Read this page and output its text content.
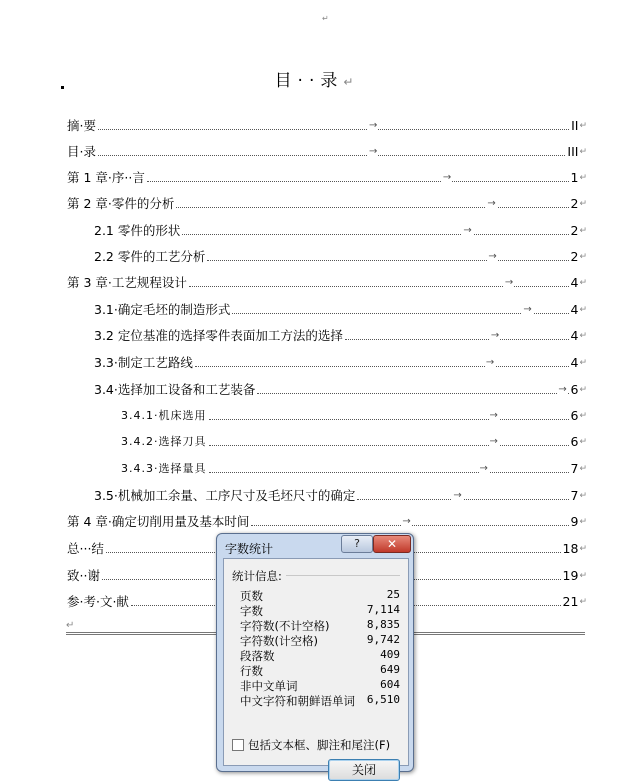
↵
目··录↵
摘·要	→	II ↵
目·录	→	III ↵
第 1 章·序··言	→	1 ↵
第 2 章·零件的分析	→	2 ↵
2.1 零件的形状	→	2 ↵
2.2 零件的工艺分析	→	2 ↵
第 3 章·工艺规程设计	→	4 ↵
3.1·确定毛坯的制造形式	→	4 ↵
3.2 定位基准的选择零件表面加工方法的选择	→	4 ↵
3.3·制定工艺路线	→	4 ↵
3.4·选择加工设备和工艺装备	→ 6 ↵
3.4.1·机床选用	→	6 ↵
3.4.2·选择刀具	→	6 ↵
3.4.3·选择量具	→	7 ↵
3.5·机械加工余量、工序尺寸及毛坯尺寸的确定	→	7 ↵
第 4 章·确定切削用量及基本时间	→	9 ↵
总···结	18 ↵
致··谢	19 ↵
参·考·文·献	21 ↵
↵
字数统计	?	✕
统计信息:
页数	25
字数	7,114
字符数(不计空格)	8,835
字符数(计空格)	9,742
段落数	409
行数	649
非中文单词	604
中文字符和朝鲜语单词 6,510
包括文本框、脚注和尾注(F)
关闭
